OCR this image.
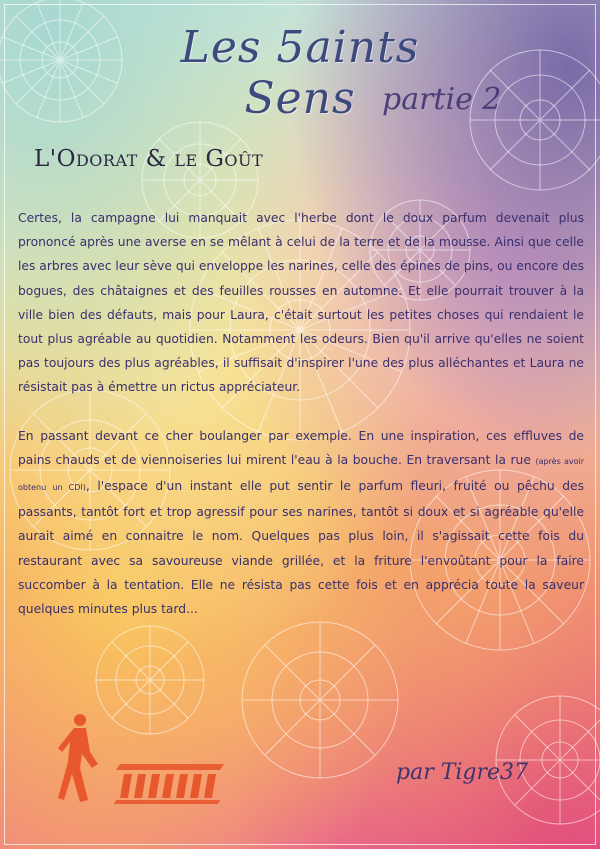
Les 5aints Sens partie 2
L'Odorat & le Goût

Certes, la campagne lui manquait avec l'herbe dont le doux parfum devenait plus prononcé après une averse en se mêlant à celui de la terre et de la mousse. Ainsi que celle les arbres avec leur sève qui enveloppe les narines, celle des épines de pins, ou encore des bogues, des châtaignes et des feuilles rousses en automne. Et elle pourrait trouver à la ville bien des défauts, mais pour Laura, c'était surtout les petites choses qui rendaient le tout plus agréable au quotidien. Notamment les odeurs. Bien qu'il arrive qu'elles ne soient pas toujours des plus agréables, il suffisait d'inspirer l'une des plus alléchantes et Laura ne résistait pas à émettre un rictus appréciateur.

En passant devant ce cher boulanger par exemple. En une inspiration, ces effluves de pains chauds et de viennoiseries lui mirent l'eau à la bouche. En traversant la rue (après avoir obtenu un CDI), l'espace d'un instant elle put sentir le parfum fleuri, fruité ou pêchu des passants, tantôt fort et trop agressif pour ses narines, tantôt si doux et si agréable qu'elle aurait aimé en connaitre le nom. Quelques pas plus loin, il s'agissait cette fois du restaurant avec sa savoureuse viande grillée, et la friture l'envoûtant pour la faire succomber à la tentation. Elle ne résista pas cette fois et en apprécia toute la saveur quelques minutes plus tard...

par Tigre37
